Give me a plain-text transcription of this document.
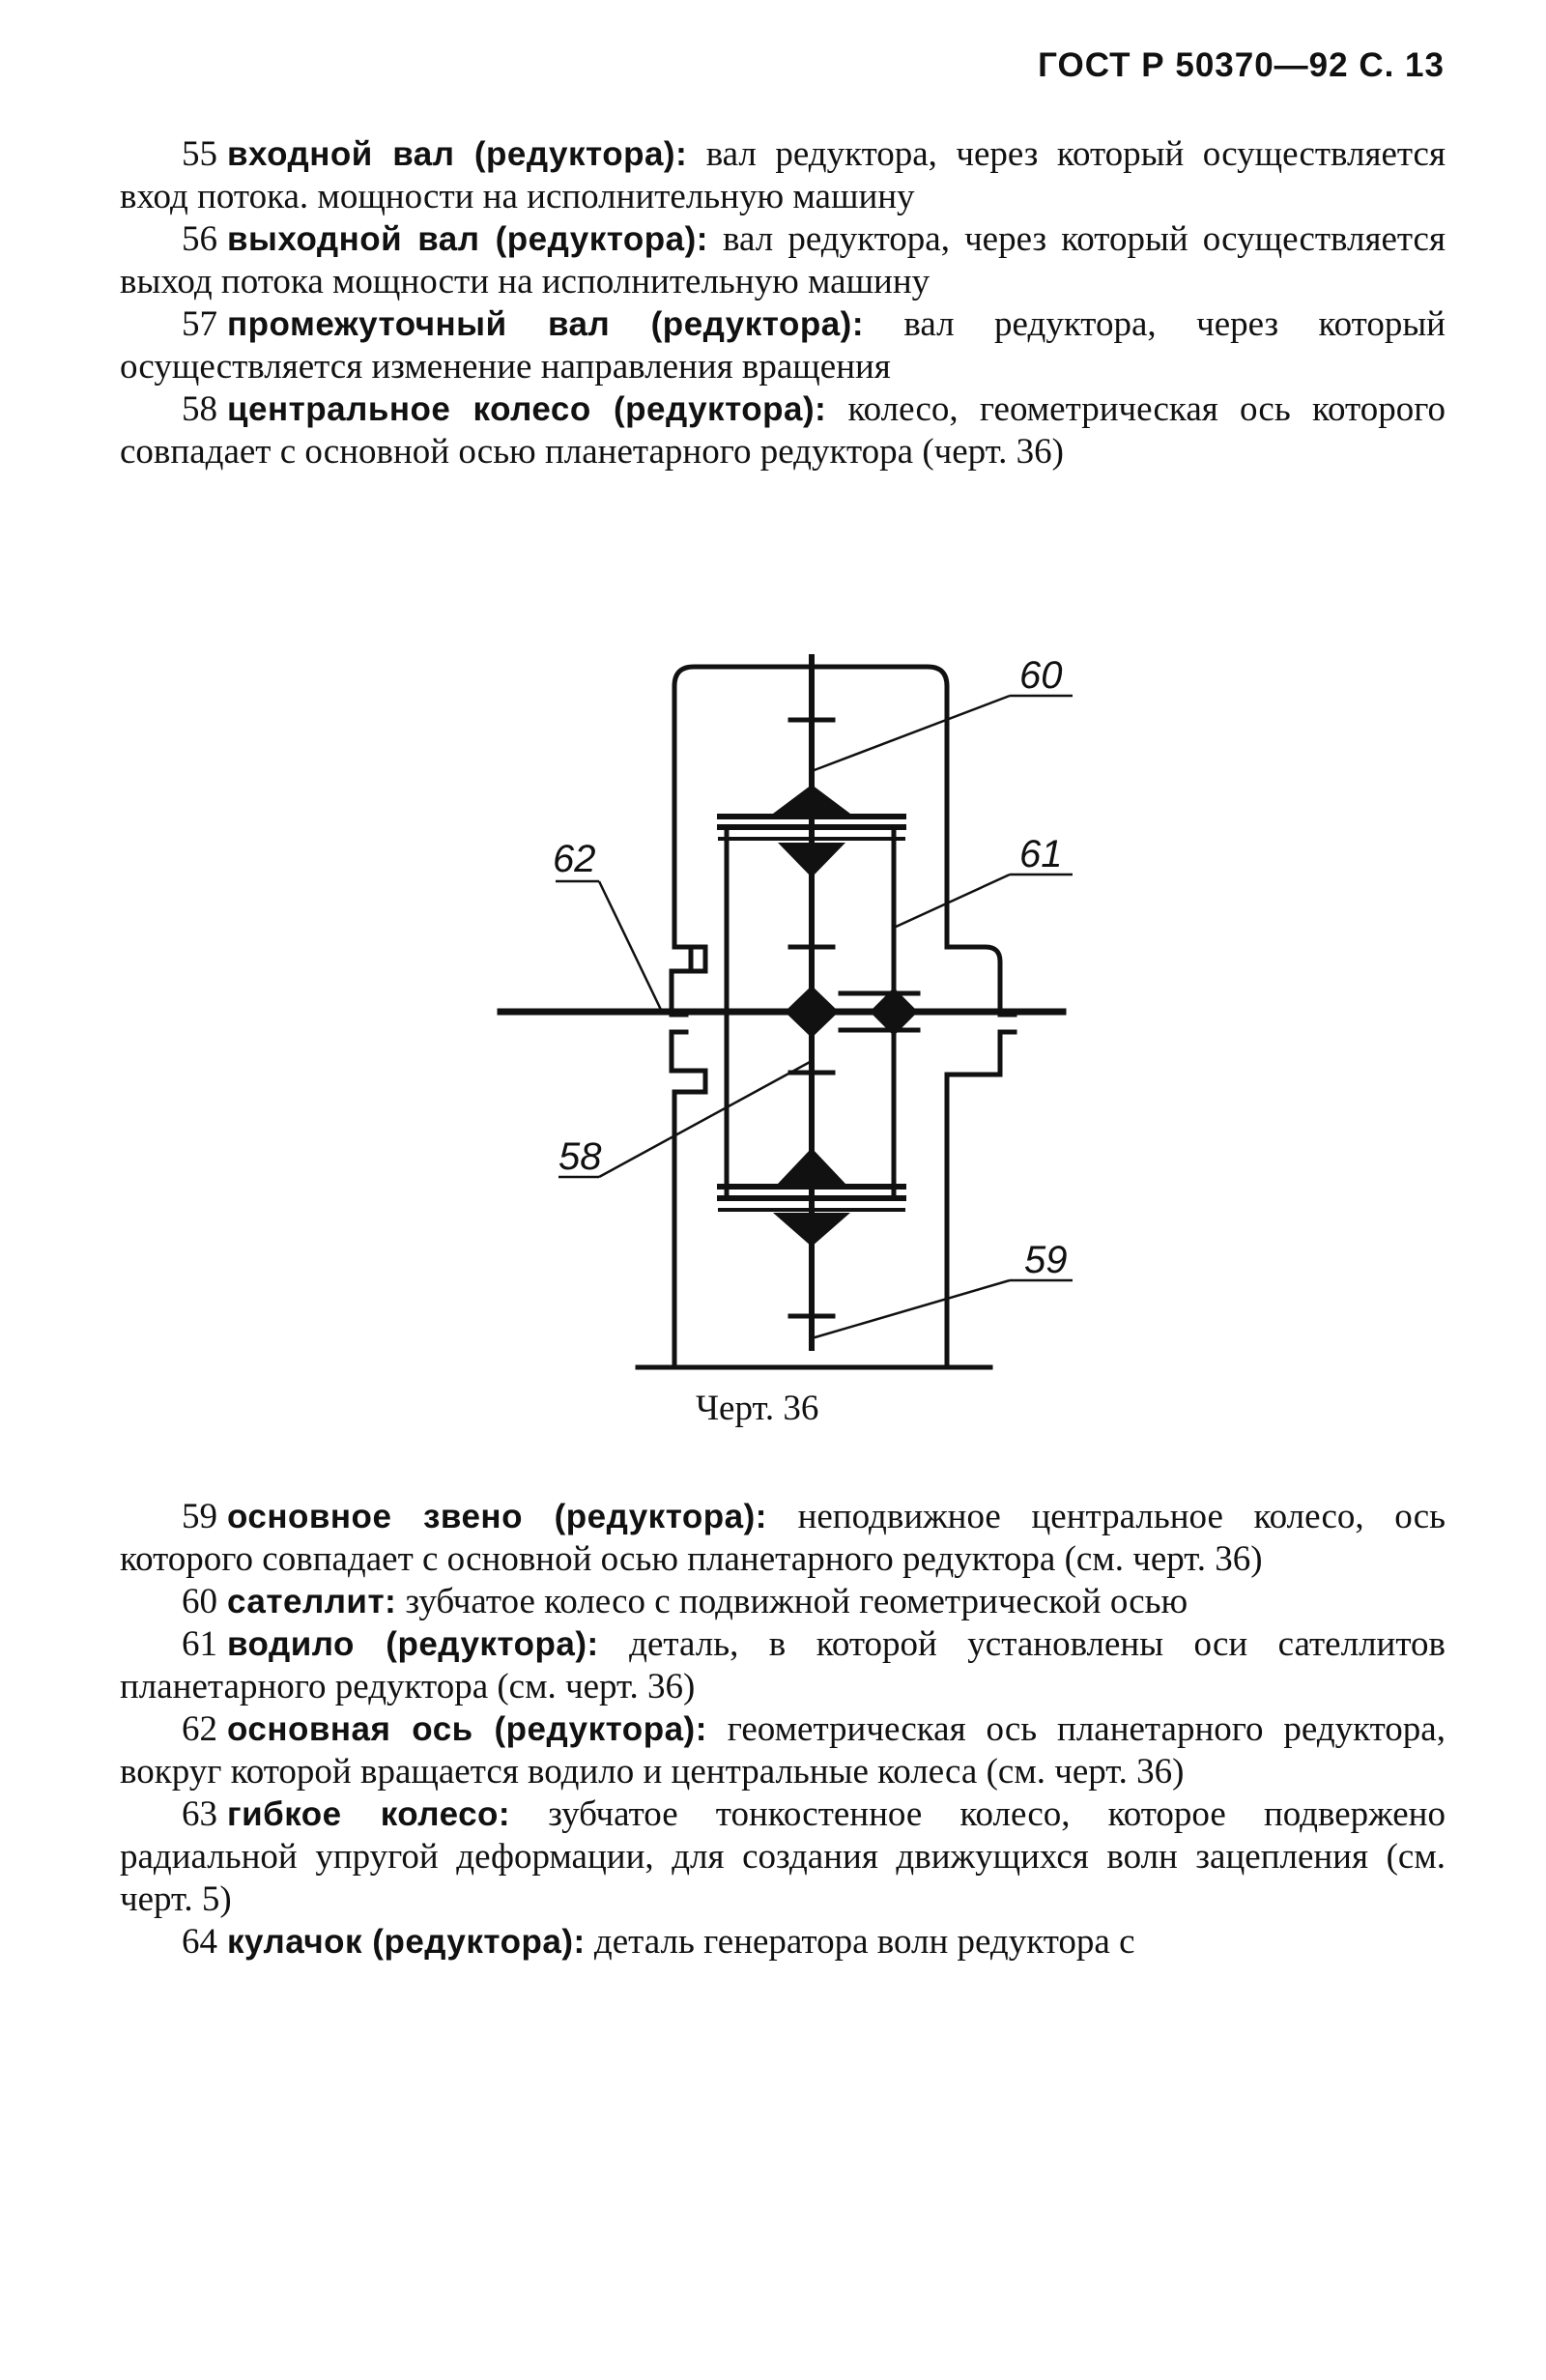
ГОСТ Р 50370—92 С. 13

55 входной вал (редуктора): вал редуктора, через который осуществляется вход потока. мощности на исполнительную машину

56 выходной вал (редуктора): вал редуктора, через который осуществляется выход потока мощности на исполнительную машину

57 промежуточный вал (редуктора): вал редуктора, через который осуществляется изменение направления вращения

58 центральное колесо (редуктора): колесо, геометрическая ось которого совпадает с основной осью планетарного редуктора (черт. 36)

60
61
62
58
59
Черт. 36

59 основное звено (редуктора): неподвижное центральное колесо, ось которого совпадает с основной осью планетарного редуктора (см. черт. 36)

60 сателлит: зубчатое колесо с подвижной геометрической осью

61 водило (редуктора): деталь, в которой установлены оси сателлитов планетарного редуктора (см. черт. 36)

62 основная ось (редуктора): геометрическая ось планетарного редуктора, вокруг которой вращается водило и центральные колеса (см. черт. 36)

63 гибкое колесо: зубчатое тонкостенное колесо, которое подвержено радиальной упругой деформации, для создания движущихся волн зацепления (см. черт. 5)

64 кулачок (редуктора): деталь генератора волн редуктора с
